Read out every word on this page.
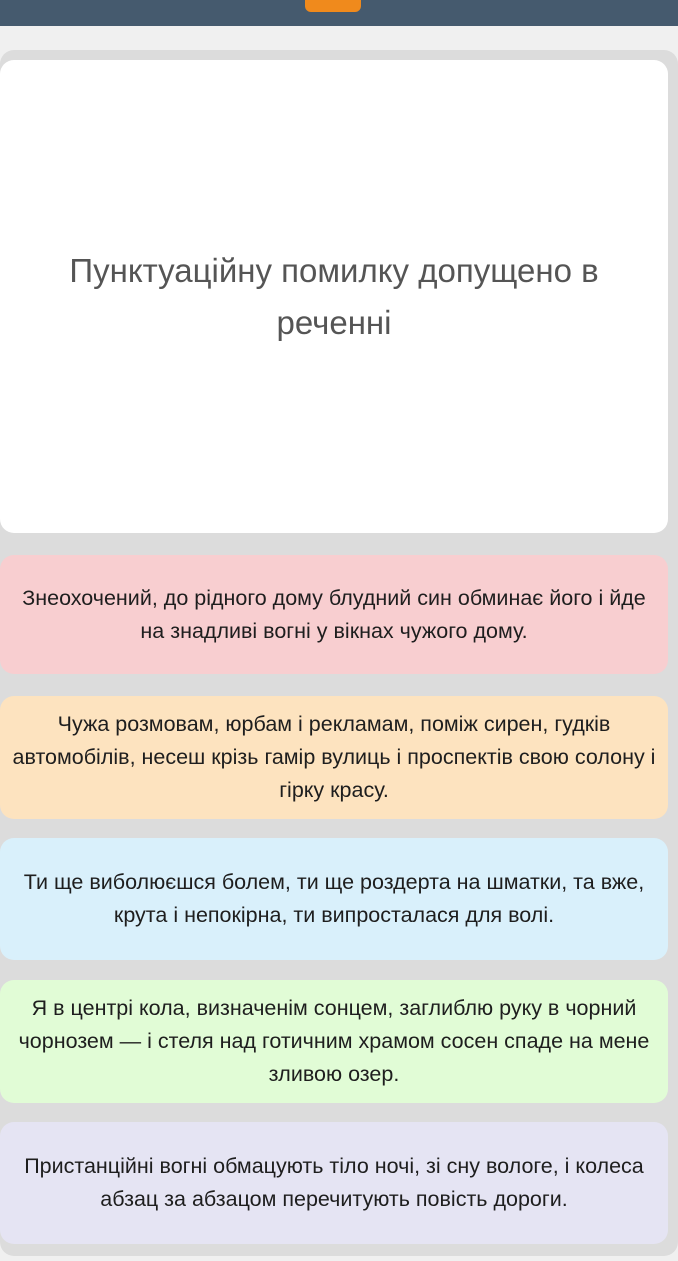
Пунктуаційну помилку допущено в реченні
Знеохочений, до рідного дому блудний син обминає його і йде на знадливі вогні у вікнах чужого дому.
Чужа розмовам, юрбам і рекламам, поміж сирен, гудків автомобілів, несеш крізь гамір вулиць і проспектів свою солону і гірку красу.
Ти ще виболюєшся болем, ти ще роздерта на шматки, та вже, крута і непокірна, ти випросталася для волі.
Я в центрі кола, визначенім сонцем, заглиблю руку в чорний чорнозем — і стеля над готичним храмом сосен спаде на мене зливою озер.
Пристанційні вогні обмацують тіло ночі, зі сну вологе, і колеса абзац за абзацом перечитують повість дороги.
